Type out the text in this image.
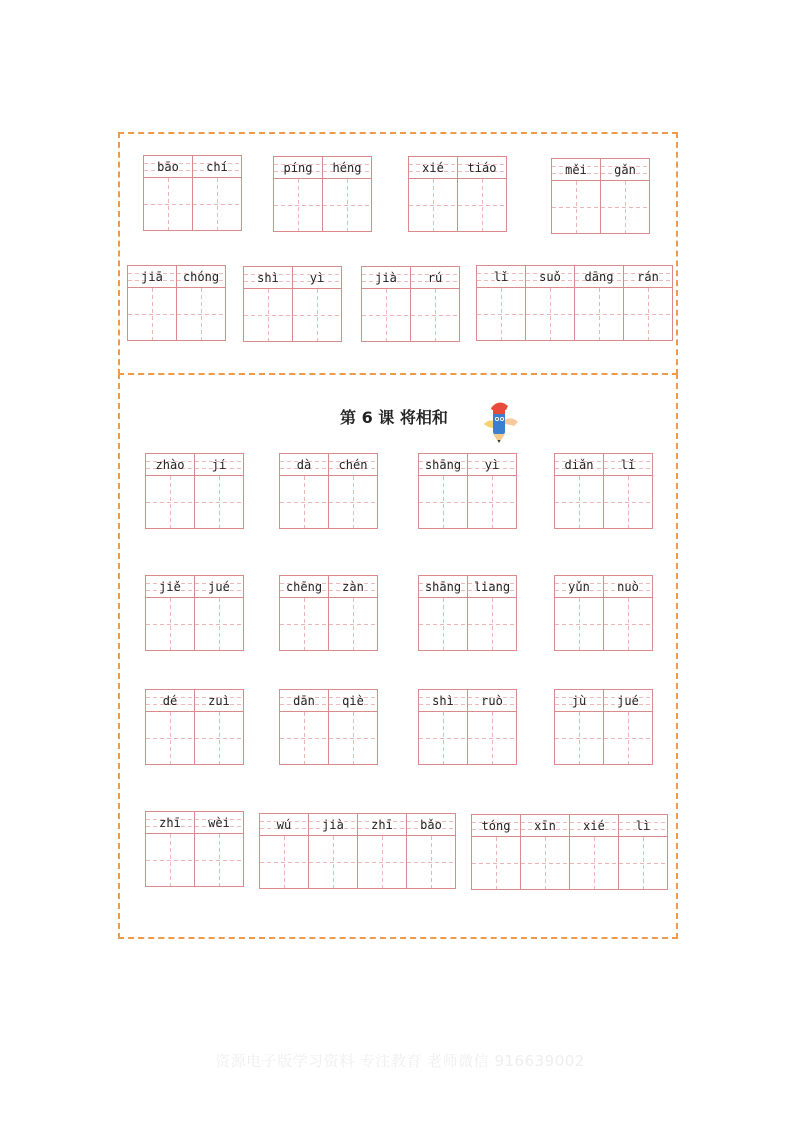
第 6 课 将相和
bāo	chí	píng	héng	xié	tiáo	měi	gǎn
jiā	chóng	shì	yì	jià	rú	lǐ	suǒ	dāng	rán
zhào	jí	dà	chén	shāng	yì	diǎn	lǐ
jiě	jué	chēng	zàn	shāng	liang	yǔn	nuò
dé	zuì	dān	qiè	shì	ruò	jù	jué
zhī	wèi	wú	jià	zhī	bǎo	tóng	xīn	xié	lì
资源电子版学习资料 专注教育 老师微信 916639002
